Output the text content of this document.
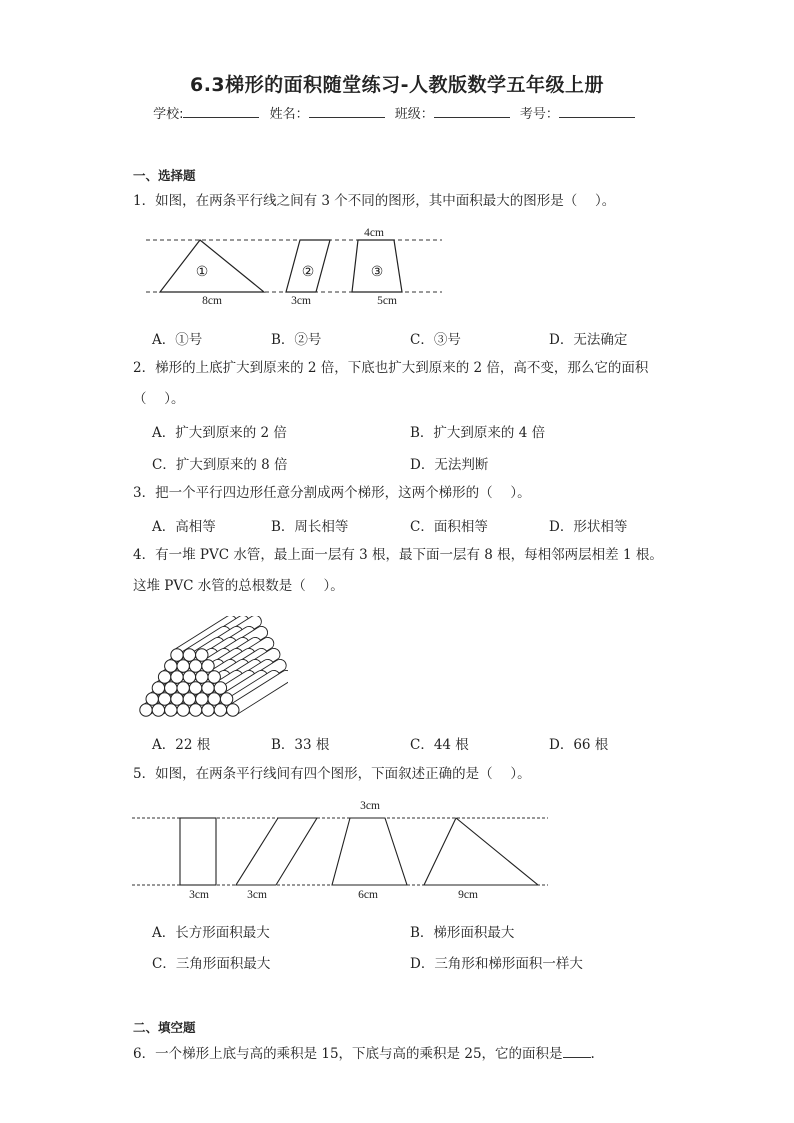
6.3梯形的面积随堂练习-人教版数学五年级上册
学校:	姓名：	班级：	考号：
一、选择题
1．如图，在两条平行线之间有 3 个不同的图形，其中面积最大的图形是（　 ）。
4cm
8cm	3cm	5cm
①	②	③
A．①号	B．②号	C．③号	D．无法确定
2．梯形的上底扩大到原来的 2 倍，下底也扩大到原来的 2 倍，高不变，那么它的面积
（　 ）。
A．扩大到原来的 2 倍	B．扩大到原来的 4 倍
C．扩大到原来的 8 倍	D．无法判断
3．把一个平行四边形任意分割成两个梯形，这两个梯形的（　 ）。
A．高相等	B．周长相等	C．面积相等	D．形状相等
4．有一堆 PVC 水管，最上面一层有 3 根，最下面一层有 8 根，每相邻两层相差 1 根。
这堆 PVC 水管的总根数是（　 ）。
A．22 根	B．33 根	C．44 根	D．66 根
5．如图，在两条平行线间有四个图形，下面叙述正确的是（　 ）。
3cm
3cm	3cm	6cm	9cm
A．长方形面积最大	B．梯形面积最大
C．三角形面积最大	D．三角形和梯形面积一样大
二、填空题
6．一个梯形上底与高的乘积是 15，下底与高的乘积是 25，它的面积是 .
